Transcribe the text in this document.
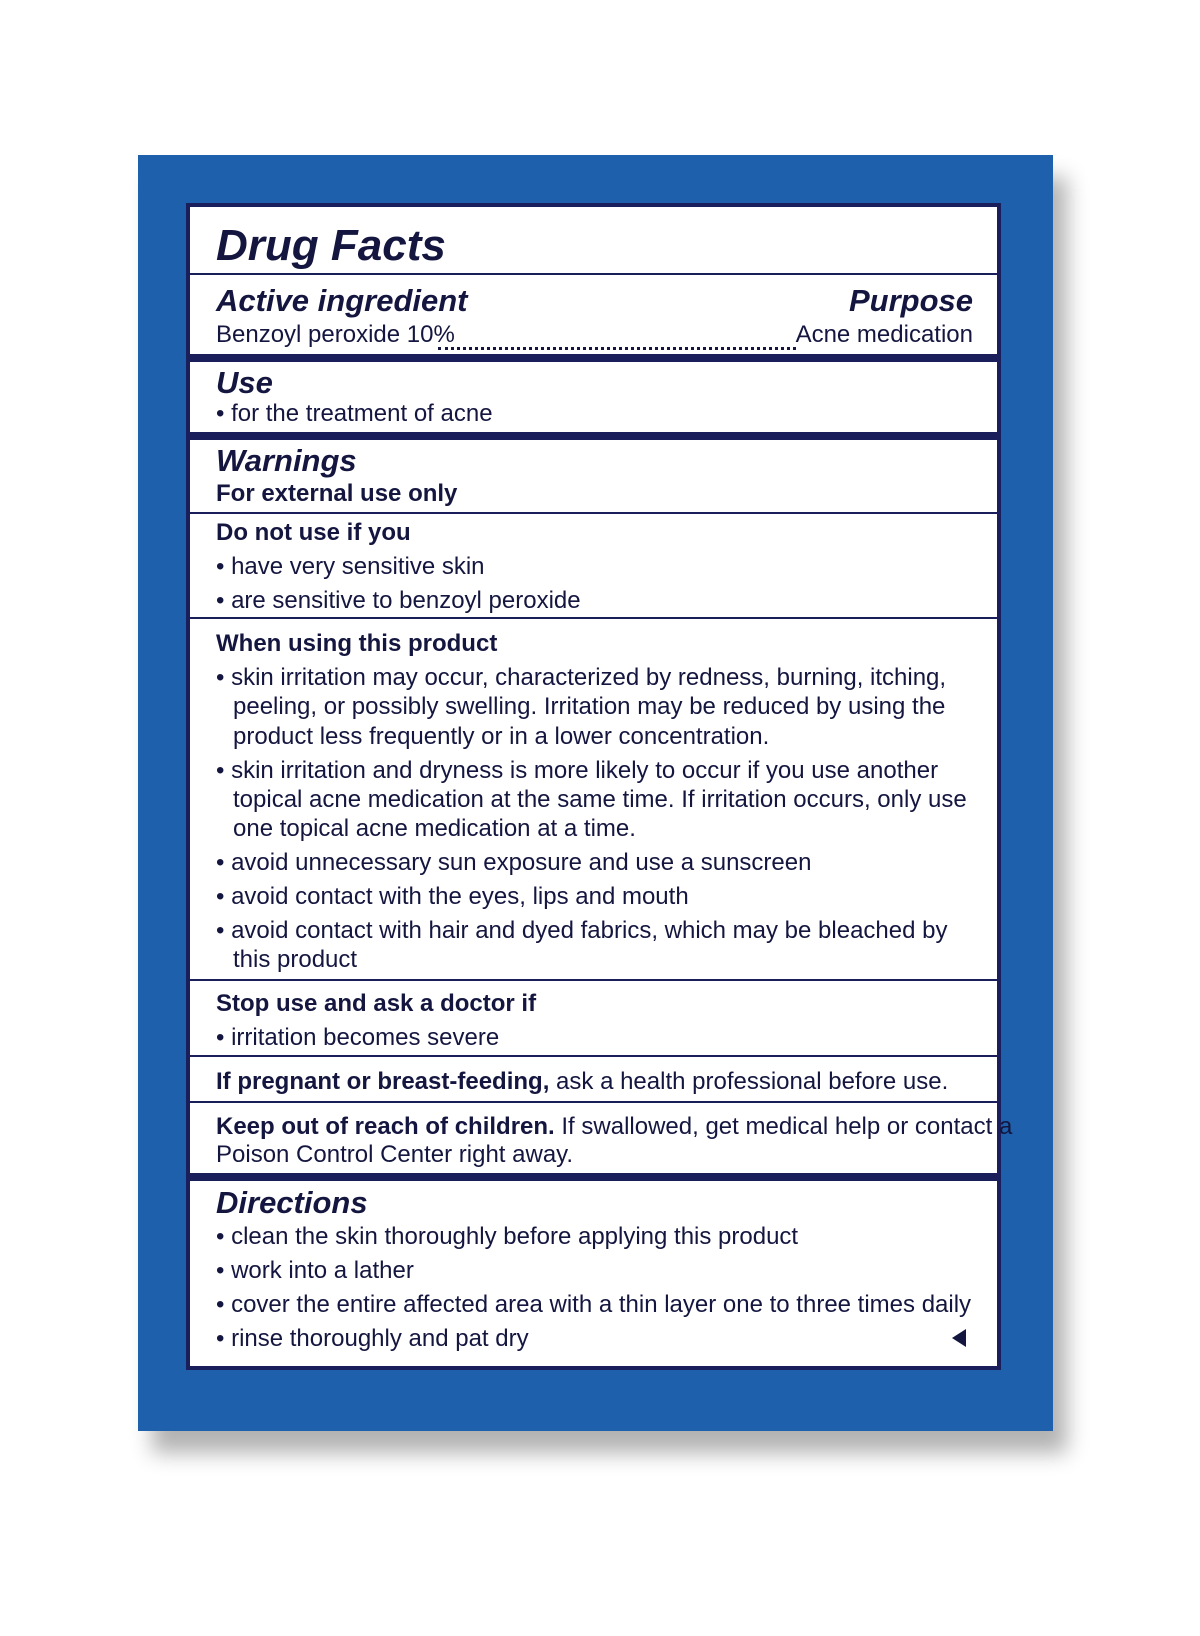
Drug Facts
Active ingredient	Purpose
Benzoyl peroxide 10%	Acne medication
Use
• for the treatment of acne
Warnings
For external use only
Do not use if you
• have very sensitive skin
• are sensitive to benzoyl peroxide
When using this product
• skin irritation may occur, characterized by redness, burning, itching,
peeling, or possibly swelling. Irritation may be reduced by using the
product less frequently or in a lower concentration.
• skin irritation and dryness is more likely to occur if you use another
topical acne medication at the same time. If irritation occurs, only use
one topical acne medication at a time.
• avoid unnecessary sun exposure and use a sunscreen
• avoid contact with the eyes, lips and mouth
• avoid contact with hair and dyed fabrics, which may be bleached by
this product
Stop use and ask a doctor if
• irritation becomes severe
If pregnant or breast-feeding, ask a health professional before use.
Keep out of reach of children. If swallowed, get medical help or contact a
Poison Control Center right away.
Directions
• clean the skin thoroughly before applying this product
• work into a lather
• cover the entire affected area with a thin layer one to three times daily
• rinse thoroughly and pat dry
